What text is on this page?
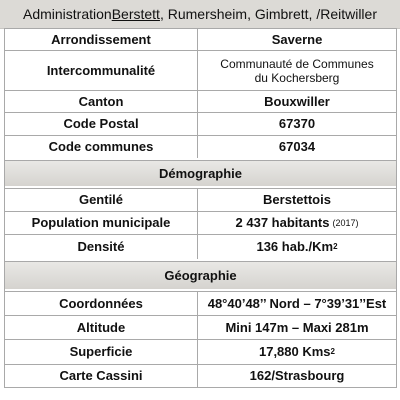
Administration Berstett , Rumersheim, Gimbrett, /Reitwiller
Arrondissement	Saverne
Intercommunalité	Communauté de Communes
du Kochersberg
Canton	Bouxwiller
Code Postal	67370
Code communes	67034
Démographie
Gentilé	Berstettois
Population municipale	2 437 habitants (2017)
Densité	136 hab./Km 2
Géographie
Coordonnées	48°40’48’’ Nord – 7°39’31’’Est
Altitude	Mini 147m – Maxi 281m
Superficie	17,880 Kms 2
Carte Cassini	162/Strasbourg
